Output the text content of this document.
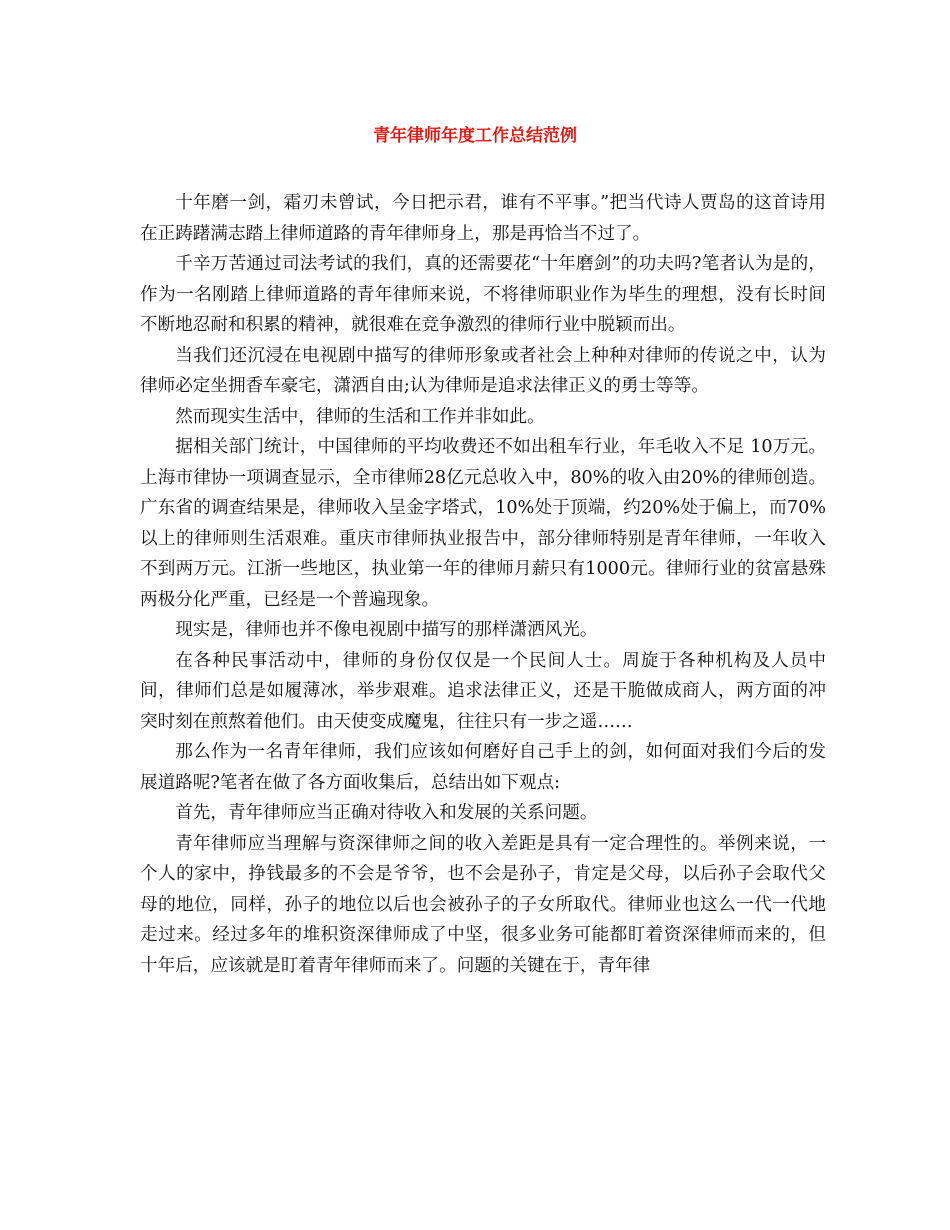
青年律师年度工作总结范例

十年磨一剑，霜刃未曾试，今日把示君，谁有不平事。”把当代诗人贾岛的这首诗用在正踌躇满志踏上律师道路的青年律师身上，那是再恰当不过了。

千辛万苦通过司法考试的我们，真的还需要花“十年磨剑”的功夫吗?笔者认为是的，作为一名刚踏上律师道路的青年律师来说，不将律师职业作为毕生的理想，没有长时间不断地忍耐和积累的精神，就很难在竞争激烈的律师行业中脱颖而出。

当我们还沉浸在电视剧中描写的律师形象或者社会上种种对律师的传说之中，认为律师必定坐拥香车豪宅，潇洒自由;认为律师是追求法律正义的勇士等等。

然而现实生活中，律师的生活和工作并非如此。

据相关部门统计，中国律师的平均收费还不如出租车行业，年毛收入不足 10万元。上海市律协一项调查显示，全市律师28亿元总收入中，80%的收入由20%的律师创造。广东省的调查结果是，律师收入呈金字塔式，10%处于顶端，约20%处于偏上，而70%以上的律师则生活艰难。重庆市律师执业报告中，部分律师特别是青年律师，一年收入不到两万元。江浙一些地区，执业第一年的律师月薪只有1000元。律师行业的贫富悬殊两极分化严重，已经是一个普遍现象。

现实是，律师也并不像电视剧中描写的那样潇洒风光。

在各种民事活动中，律师的身份仅仅是一个民间人士。周旋于各种机构及人员中间，律师们总是如履薄冰，举步艰难。追求法律正义，还是干脆做成商人，两方面的冲突时刻在煎熬着他们。由天使变成魔鬼，往往只有一步之遥……

那么作为一名青年律师，我们应该如何磨好自己手上的剑，如何面对我们今后的发展道路呢?笔者在做了各方面收集后，总结出如下观点:

首先，青年律师应当正确对待收入和发展的关系问题。

青年律师应当理解与资深律师之间的收入差距是具有一定合理性的。举例来说，一个人的家中，挣钱最多的不会是爷爷，也不会是孙子，肯定是父母，以后孙子会取代父母的地位，同样，孙子的地位以后也会被孙子的子女所取代。律师业也这么一代一代地走过来。经过多年的堆积资深律师成了中坚，很多业务可能都盯着资深律师而来的，但十年后，应该就是盯着青年律师而来了。问题的关键在于，青年律
